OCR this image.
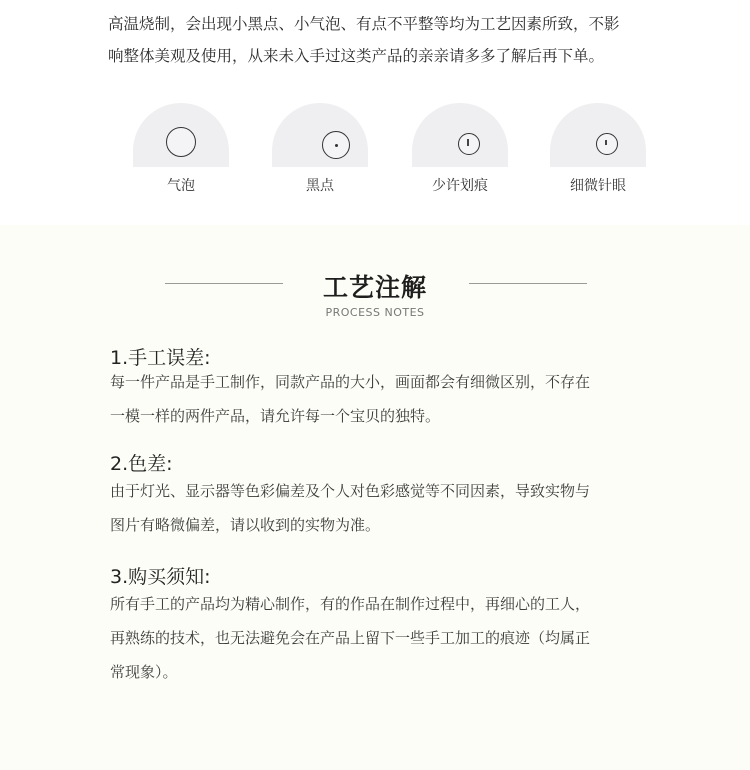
高温烧制，会出现小黑点、小气泡、有点不平整等均为工艺因素所致，不影
响整体美观及使用，从来未入手过这类产品的亲亲请多多了解后再下单。
气泡	黑点	少许划痕	细微针眼
工艺注解
PROCESS NOTES
1.手工误差:
每一件产品是手工制作，同款产品的大小，画面都会有细微区别，不存在
一模一样的两件产品，请允许每一个宝贝的独特。
2.色差:
由于灯光、显示器等色彩偏差及个人对色彩感觉等不同因素，导致实物与
图片有略微偏差，请以收到的实物为准。
3.购买须知:
所有手工的产品均为精心制作，有的作品在制作过程中，再细心的工人，
再熟练的技术，也无法避免会在产品上留下一些手工加工的痕迹（均属正
常现象）。
